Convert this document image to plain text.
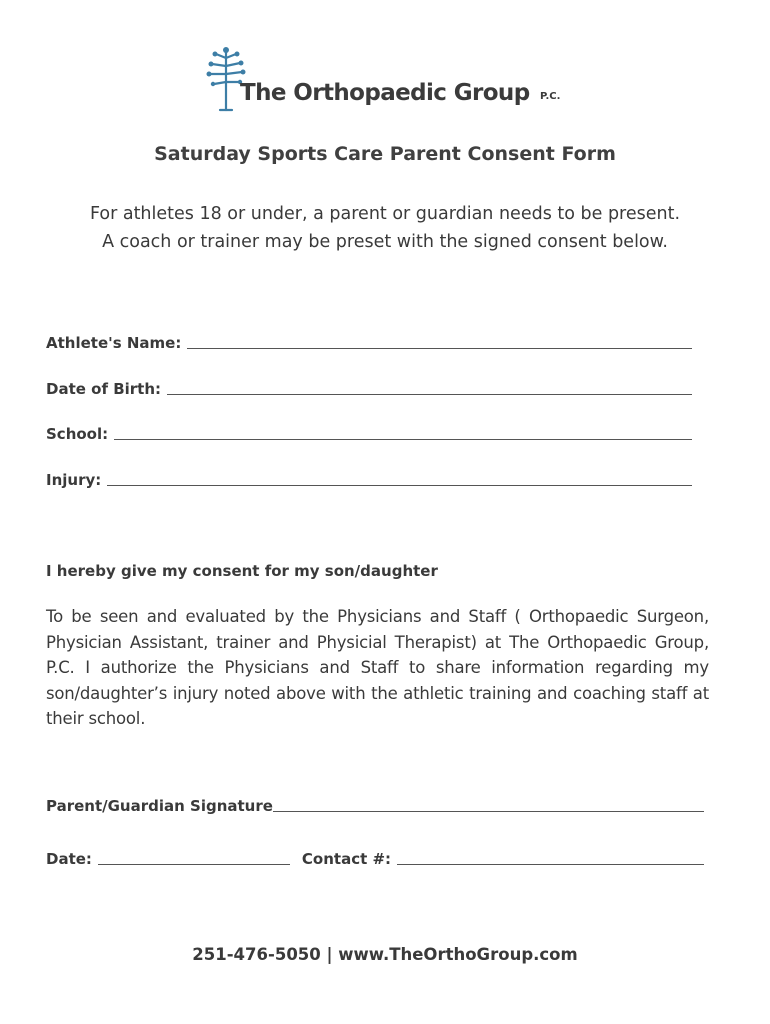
The Orthopaedic Group P.C.
Saturday Sports Care Parent Consent Form
For athletes 18 or under, a parent or guardian needs to be present.
A coach or trainer may be preset with the signed consent below.
Athlete's Name:
Date of Birth:
School:
Injury:
I hereby give my consent for my son/daughter
To be seen and evaluated by the Physicians and Staff ( Orthopaedic Surgeon, Physician Assistant, trainer and Physicial Therapist) at The Orthopaedic Group, P.C. I authorize the Physicians and Staff to share information regarding my son/daughter’s injury noted above with the athletic training and coaching staff at their school.
Parent/Guardian Signature
Date:	Contact #:
251-476-5050 | www.TheOrthoGroup.com
